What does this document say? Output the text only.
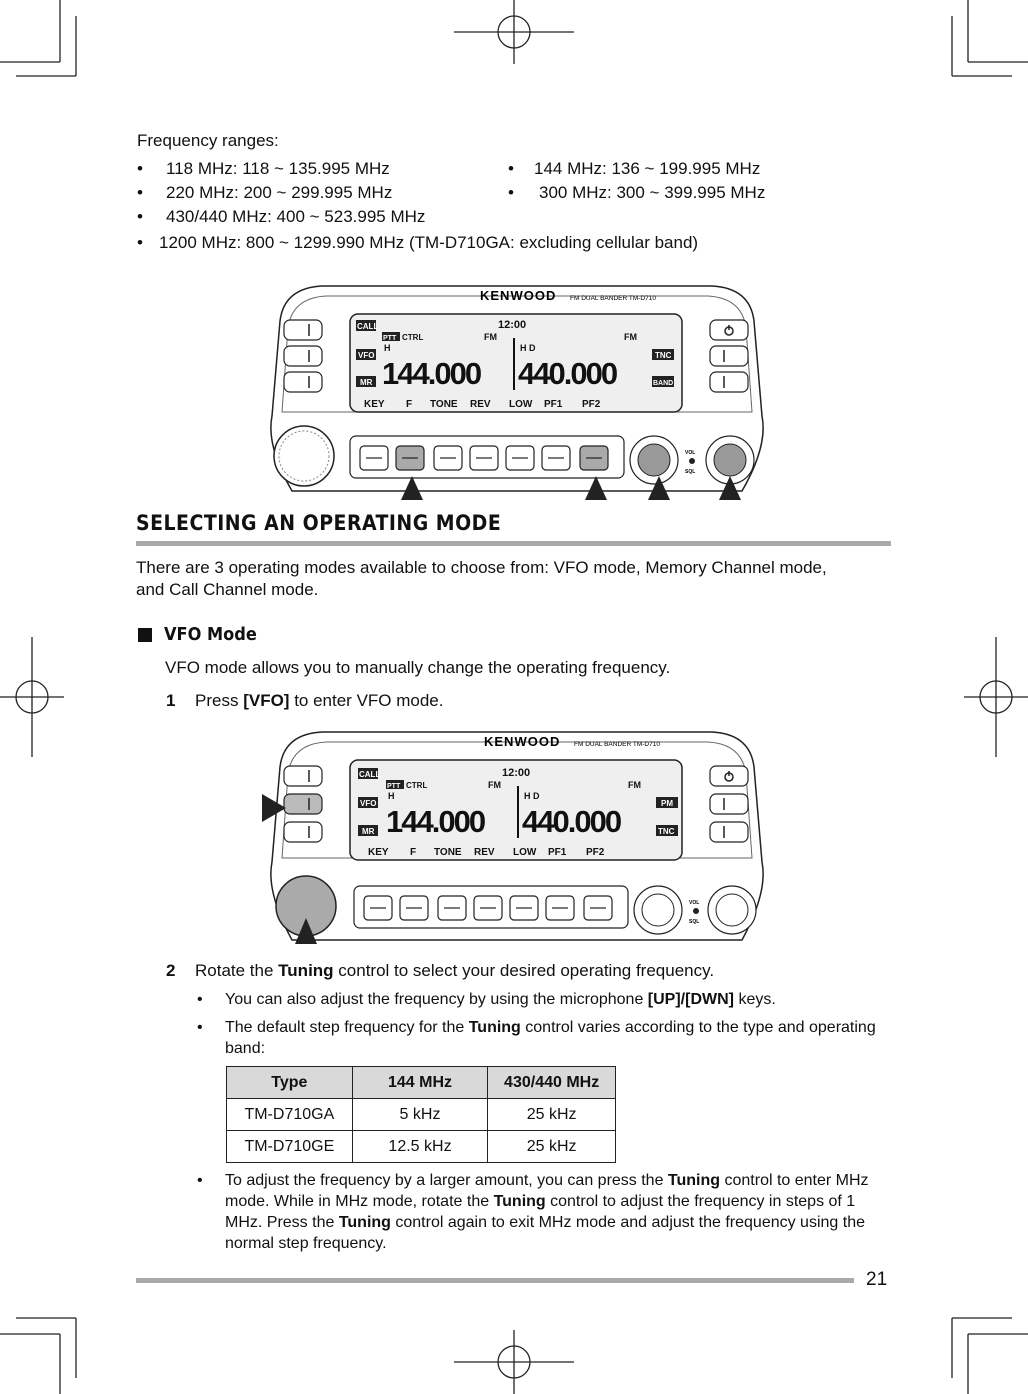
Frequency ranges:
• 118 MHz: 118 ~ 135.995 MHz	• 144 MHz: 136 ~ 199.995 MHz
• 220 MHz: 200 ~ 299.995 MHz	• 300 MHz: 300 ~ 399.995 MHz
• 430/440 MHz: 400 ~ 523.995 MHz
• 1200 MHz: 800 ~ 1299.990 MHz (TM-D710GA: excluding cellular band)
KENWOOD FM DUAL BANDER TM-D710
CALL
VFO
MR
TNC
BAND
PTT CTRL
12:00
FM	FM
H	H D
144.000 440.000
KEY F TONE REV LOW PF1 PF2
VOL
SQL
SELECTING AN OPERATING MODE
There are 3 operating modes available to choose from: VFO mode, Memory Channel mode, and Call Channel mode.
VFO Mode
VFO mode allows you to manually change the operating frequency.
1 Press [VFO] to enter VFO mode.
KENWOOD FM DUAL BANDER TM-D710
CALL
VFO
MR
PM
TNC
PTT CTRL
12:00
FM	FM
H	H D
144.000 440.000
KEY F TONE REV LOW PF1 PF2
VOL
SQL
2 Rotate the Tuning control to select your desired operating frequency.
• You can also adjust the frequency by using the microphone [UP]/[DWN] keys.
• The default step frequency for the Tuning control varies according to the type and operating band:
Type	144 MHz	430/440 MHz
TM-D710GA	5 kHz	25 kHz
TM-D710GE	12.5 kHz	25 kHz
• To adjust the frequency by a larger amount, you can press the Tuning control to enter MHz mode. While in MHz mode, rotate the Tuning control to adjust the frequency in steps of 1 MHz. Press the Tuning control again to exit MHz mode and adjust the frequency using the normal step frequency.
21
